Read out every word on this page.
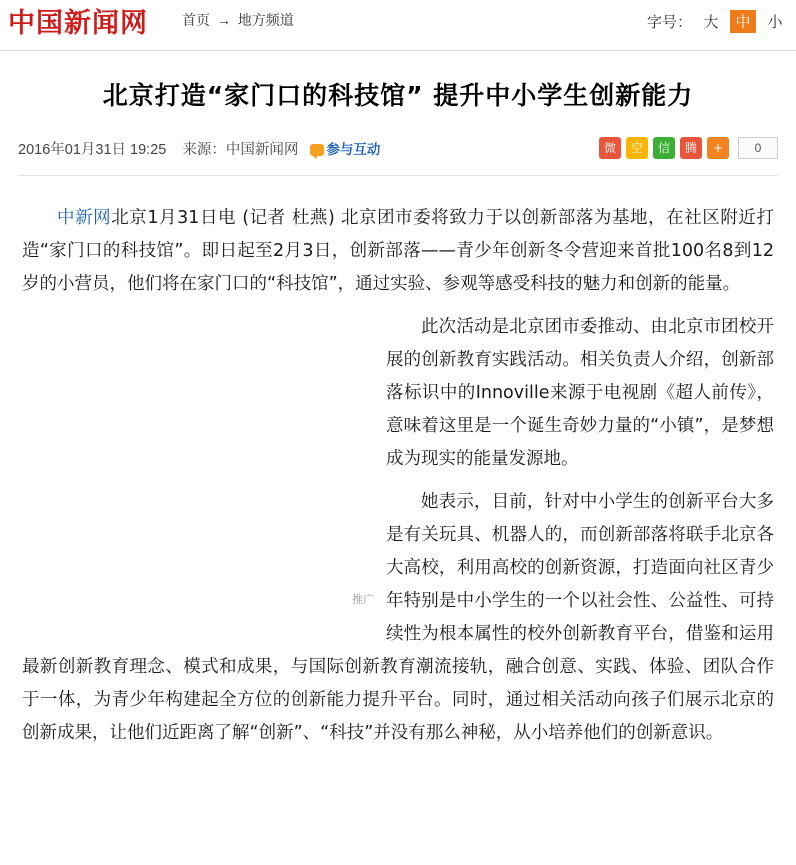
中国新闻网	首页 → 地方频道	字号： 大	中	小
北京打造“家门口的科技馆” 提升中小学生创新能力
2016年01月31日 19:25 来源：中国新闻网 参与互动	微	空	信	腾	+	0

中新网北京1月31日电 (记者 杜燕) 北京团市委将致力于以创新部落为基地，在社区附近打造“家门口的科技馆”。即日起至2月3日，创新部落——青少年创新冬令营迎来首批100名8到12岁的小营员，他们将在家门口的“科技馆”，通过实验、参观等感受科技的魅力和创新的能量。

推广

此次活动是北京团市委推动、由北京市团校开展的创新教育实践活动。相关负责人介绍，创新部落标识中的Innoville来源于电视剧《超人前传》，意味着这里是一个诞生奇妙力量的“小镇”，是梦想成为现实的能量发源地。

她表示，目前，针对中小学生的创新平台大多是有关玩具、机器人的，而创新部落将联手北京各大高校，利用高校的创新资源，打造面向社区青少年特别是中小学生的一个以社会性、公益性、可持续性为根本属性的校外创新教育平台，借鉴和运用最新创新教育理念、模式和成果，与国际创新教育潮流接轨，融合创意、实践、体验、团队合作于一体，为青少年构建起全方位的创新能力提升平台。同时，通过相关活动向孩子们展示北京的创新成果，让他们近距离了解“创新”、“科技”并没有那么神秘，从小培养他们的创新意识。
